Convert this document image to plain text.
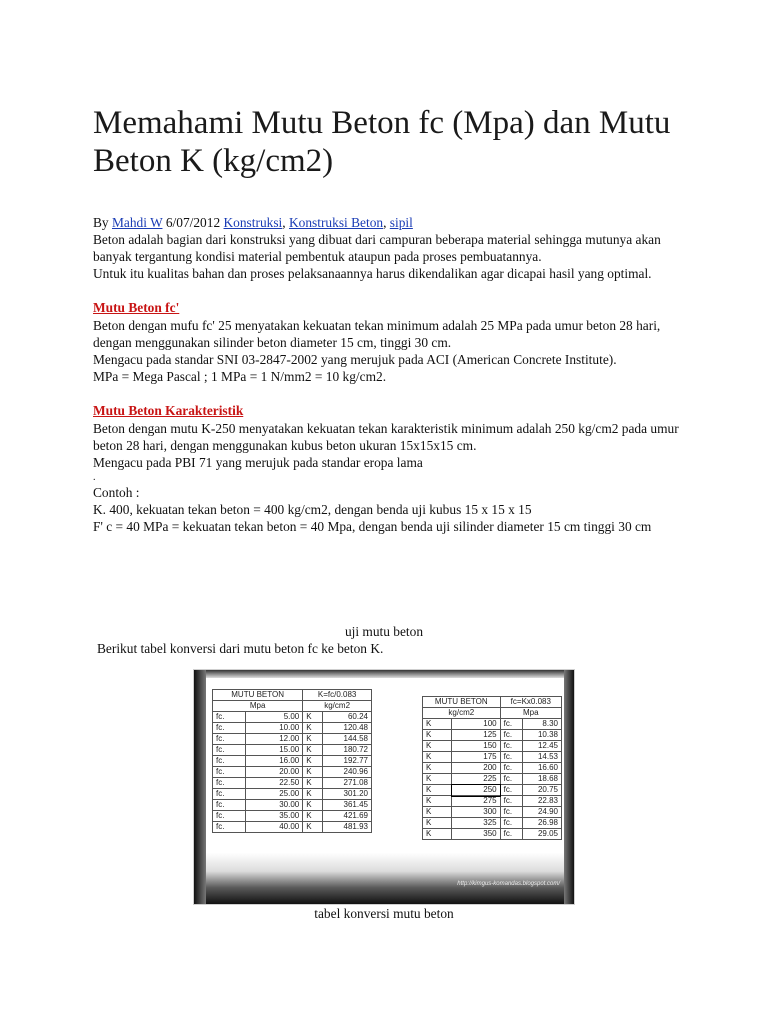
Memahami Mutu Beton fc (Mpa) dan Mutu Beton K (kg/cm2)
By Mahdi W 6/07/2012 Konstruksi, Konstruksi Beton, sipil

Beton adalah bagian dari konstruksi yang dibuat dari campuran beberapa material sehingga mutunya akan banyak tergantung kondisi material pembentuk ataupun pada proses pembuatannya.

Untuk itu kualitas bahan dan proses pelaksanaannya harus dikendalikan agar dicapai hasil yang optimal.

Mutu Beton fc'

Beton dengan mufu fc' 25 menyatakan kekuatan tekan minimum adalah 25 MPa pada umur beton 28 hari, dengan menggunakan silinder beton diameter 15 cm, tinggi 30 cm.

Mengacu pada standar SNI 03-2847-2002 yang merujuk pada ACI (American Concrete Institute).

MPa = Mega Pascal ; 1 MPa = 1 N/mm2 = 10 kg/cm2.

Mutu Beton Karakteristik

Beton dengan mutu K-250 menyatakan kekuatan tekan karakteristik minimum adalah 250 kg/cm2 pada umur beton 28 hari, dengan menggunakan kubus beton ukuran 15x15x15 cm.

Mengacu pada PBI 71 yang merujuk pada standar eropa lama

.

Contoh :

K. 400, kekuatan tekan beton = 400 kg/cm2, dengan benda uji kubus 15 x 15 x 15

F' c = 40 MPa = kekuatan tekan beton = 40 Mpa, dengan benda uji silinder diameter 15 cm tinggi 30 cm

uji mutu beton
Berikut tabel konversi dari mutu beton fc ke beton K.
MUTU BETON		K=fc/0.083	
Mpa		kg/cm2	
fc.	5.00	K	60.24
fc.	10.00	K	120.48
fc.	12.00	K	144.58
fc.	15.00	K	180.72
fc.	16.00	K	192.77
fc.	20.00	K	240.96
fc.	22.50	K	271.08
fc.	25.00	K	301.20
fc.	30.00	K	361.45
fc.	35.00	K	421.69
fc.	40.00	K	481.93
MUTU BETON		fc=Kx0.083	
kg/cm2		Mpa	
K	100	fc.	8.30
K	125	fc.	10.38
K	150	fc.	12.45
K	175	fc.	14.53
K	200	fc.	16.60
K	225	fc.	18.68
K	250	fc.	20.75
K	275	fc.	22.83
K	300	fc.	24.90
K	325	fc.	26.98
K	350	fc.	29.05
http://kimgus-komandas.blogspot.com/
tabel konversi mutu beton
